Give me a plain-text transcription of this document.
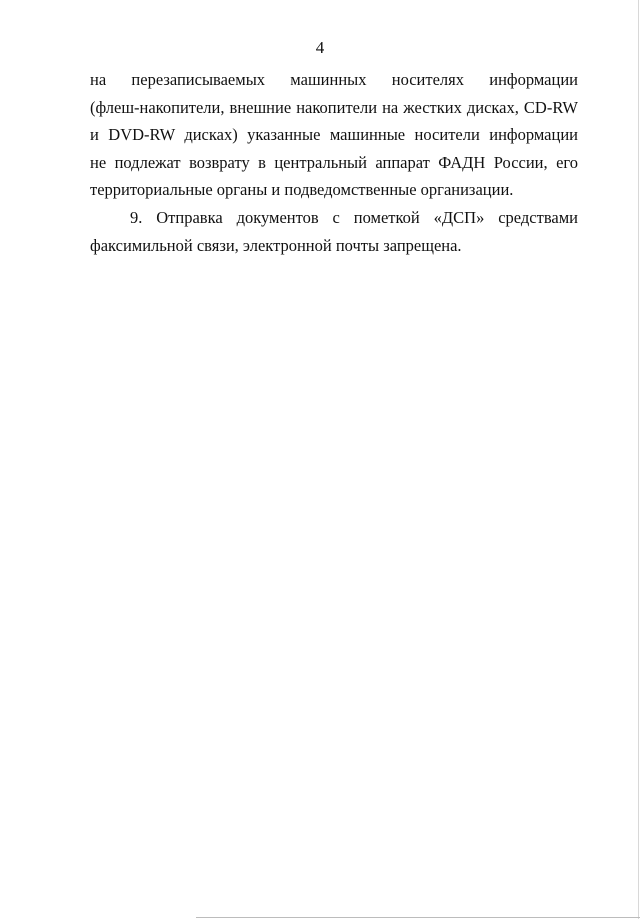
4
на перезаписываемых машинных носителях информации
(флеш-накопители, внешние накопители на жестких дисках, CD-RW
и DVD-RW дисках) указанные машинные носители информации
не подлежат возврату в центральный аппарат ФАДН России, его
территориальные органы и подведомственные организации.
9. Отправка документов с пометкой «ДСП» средствами
факсимильной связи, электронной почты запрещена.
